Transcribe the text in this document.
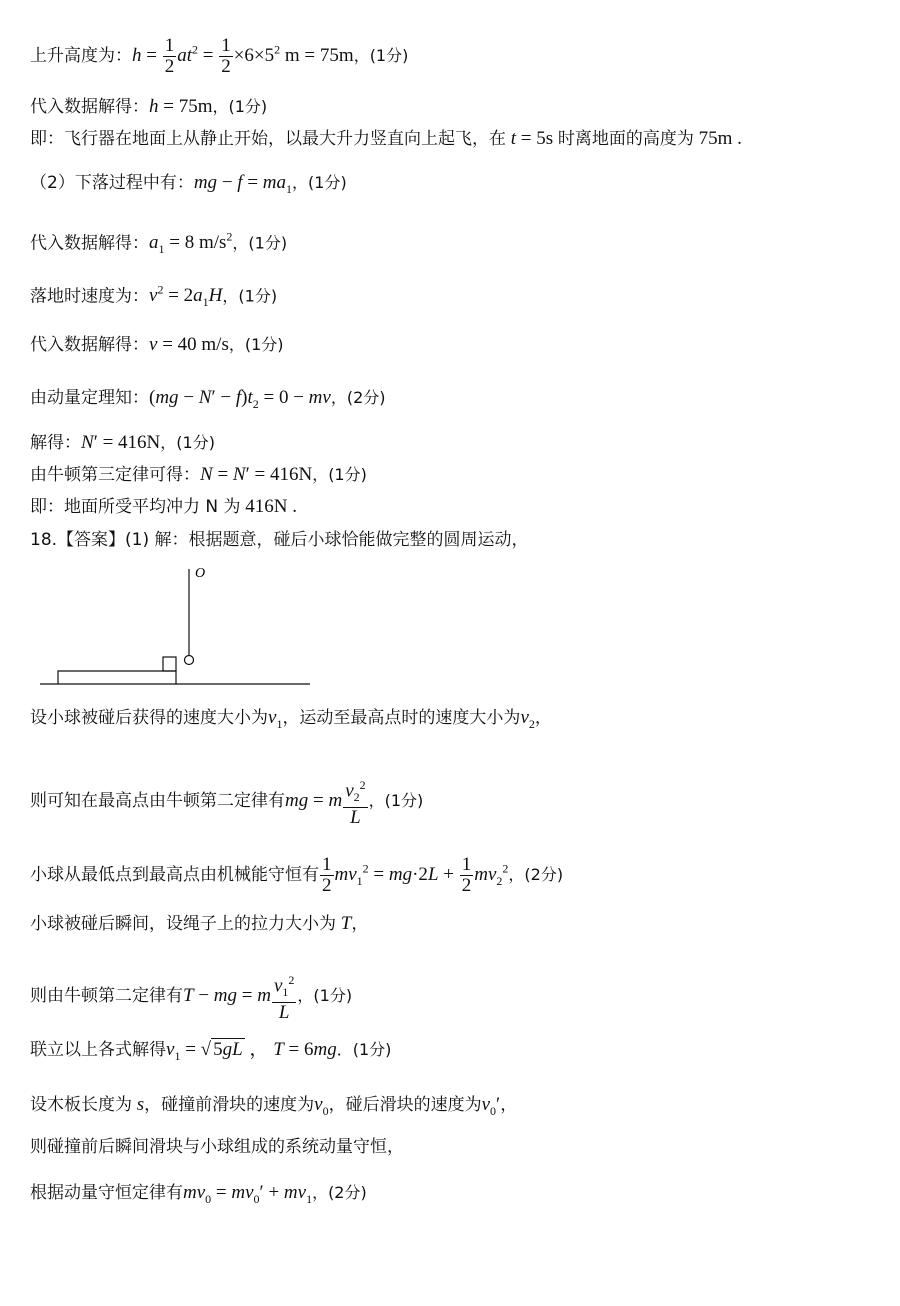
上升高度为：$h = \frac{1}{2} at^2 = \frac{1}{2} \times 6\times 5^2$ m = 75m，(1分)
代入数据解得：h = 75m，(1分)
即：飞行器在地面上从静止开始，以最大升力竖直向上起飞，在 t = 5s 时离地面的高度为 75m .
（2）下落过程中有：mg − $f = ma_1$，(1分)
代入数据解得：$a_1 = 8$ $m/s^2$，(1分)
落地时速度为：$v^2 = 2a_1H$，(1分)
代入数据解得：v = 40 m/s，(1分)
由动量定理知：$(mg - N' - f)t_2 = 0$ − mv，(2分)
解得：N′ = 416N，(1分)
由牛顿第三定律可得：N = N′ = 416N，(1分)
即：地面所受平均冲力 N 为 416N .
18.【答案】(1) 解：根据题意，碰后小球恰能做完整的圆周运动，
O
设小球被碰后获得的速度大小为$v_1$，运动至最高点时的速度大小为$v_2$，
则可知在最高点由牛顿第二定律有mg = m $\frac{v_2^2}{L}$ ，(1分)
小球从最低点到最高点由机械能守恒有 $\frac{1}{2} mv_1^2 = mg\cdot 2L + \frac{1}{2} mv_2^2$，(2分)
小球被碰后瞬间，设绳子上的拉力大小为 T，
则由牛顿第二定律有T − mg = m $\frac{v_1^2}{L}$ ，(1分)
联立以上各式解得$v_1$ = √ 5gL ， T = 6mg．(1分)
设木板长度为 s，碰撞前滑块的速度为$v_0$，碰后滑块的速度为$v_0'$，
则碰撞前后瞬间滑块与小球组成的系统动量守恒，
根据动量守恒定律有$mv_0 = mv_0' + mv_1$，(2分)
